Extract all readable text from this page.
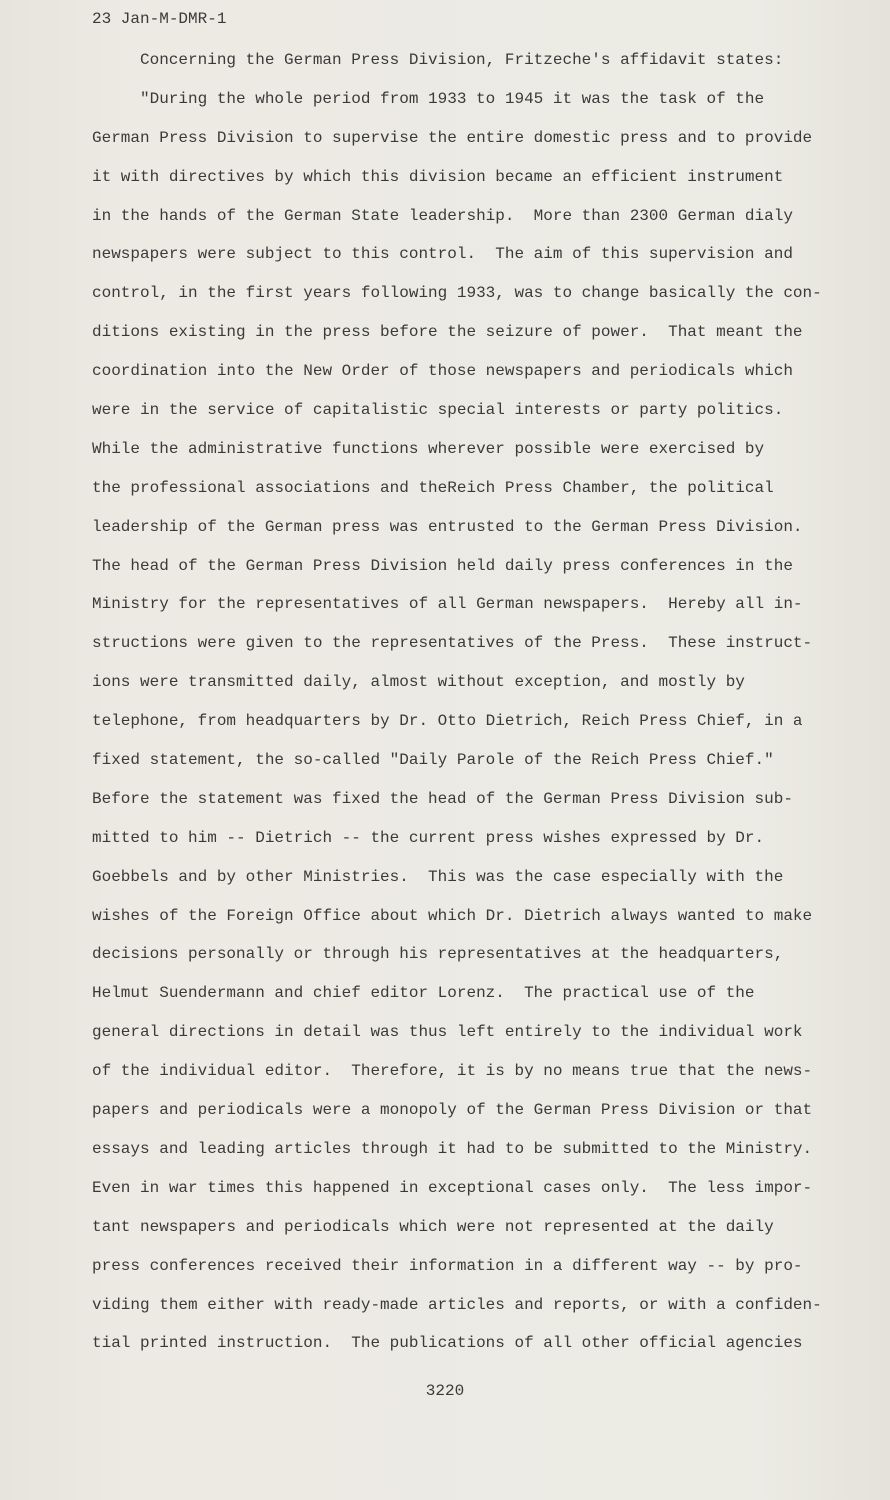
23 Jan-M-DMR-1
Concerning the German Press Division, Fritzeche's affidavit states:
"During the whole period from 1933 to 1945 it was the task of the
German Press Division to supervise the entire domestic press and to provide
it with directives by which this division became an efficient instrument
in the hands of the German State leadership.  More than 2300 German dialy
newspapers were subject to this control.  The aim of this supervision and
control, in the first years following 1933, was to change basically the con-
ditions existing in the press before the seizure of power.  That meant the
coordination into the New Order of those newspapers and periodicals which
were in the service of capitalistic special interests or party politics.
While the administrative functions wherever possible were exercised by
the professional associations and theReich Press Chamber, the political
leadership of the German press was entrusted to the German Press Division.
The head of the German Press Division held daily press conferences in the
Ministry for the representatives of all German newspapers.  Hereby all in-
structions were given to the representatives of the Press.  These instruct-
ions were transmitted daily, almost without exception, and mostly by
telephone, from headquarters by Dr. Otto Dietrich, Reich Press Chief, in a
fixed statement, the so-called "Daily Parole of the Reich Press Chief."
Before the statement was fixed the head of the German Press Division sub-
mitted to him -- Dietrich -- the current press wishes expressed by Dr.
Goebbels and by other Ministries.  This was the case especially with the
wishes of the Foreign Office about which Dr. Dietrich always wanted to make
decisions personally or through his representatives at the headquarters,
Helmut Suendermann and chief editor Lorenz.  The practical use of the
general directions in detail was thus left entirely to the individual work
of the individual editor.  Therefore, it is by no means true that the news-
papers and periodicals were a monopoly of the German Press Division or that
essays and leading articles through it had to be submitted to the Ministry.
Even in war times this happened in exceptional cases only.  The less impor-
tant newspapers and periodicals which were not represented at the daily
press conferences received their information in a different way -- by pro-
viding them either with ready-made articles and reports, or with a confiden-
tial printed instruction.  The publications of all other official agencies
3220
